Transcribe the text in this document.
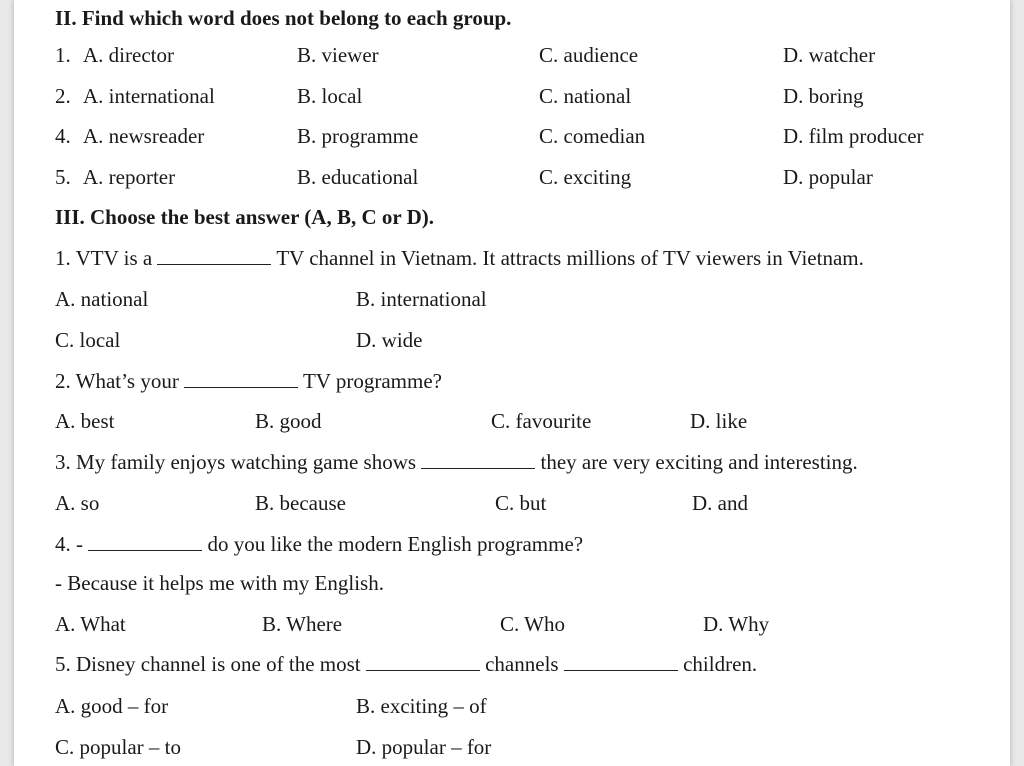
II. Find which word does not belong to each group.
1. A. director	B. viewer	C. audience	D. watcher
2. A. international	B. local	C. national	D. boring
4. A. newsreader	B. programme	C. comedian	D. film producer
5. A. reporter	B. educational	C. exciting	D. popular
III. Choose the best answer (A, B, C or D).
1. VTV is a	TV channel in Vietnam. It attracts millions of TV viewers in Vietnam.
A. national	B. international
C. local	D. wide
2. What’s your	TV programme?
A. best	B. good	C. favourite	D. like
3. My family enjoys watching game shows	they are very exciting and interesting.
A. so	B. because	C. but	D. and
4. -	do you like the modern English programme?
- Because it helps me with my English.
A. What	B. Where	C. Who	D. Why
5. Disney channel is one of the most	channels	children.
A. good – for	B. exciting – of
C. popular – to	D. popular – for
